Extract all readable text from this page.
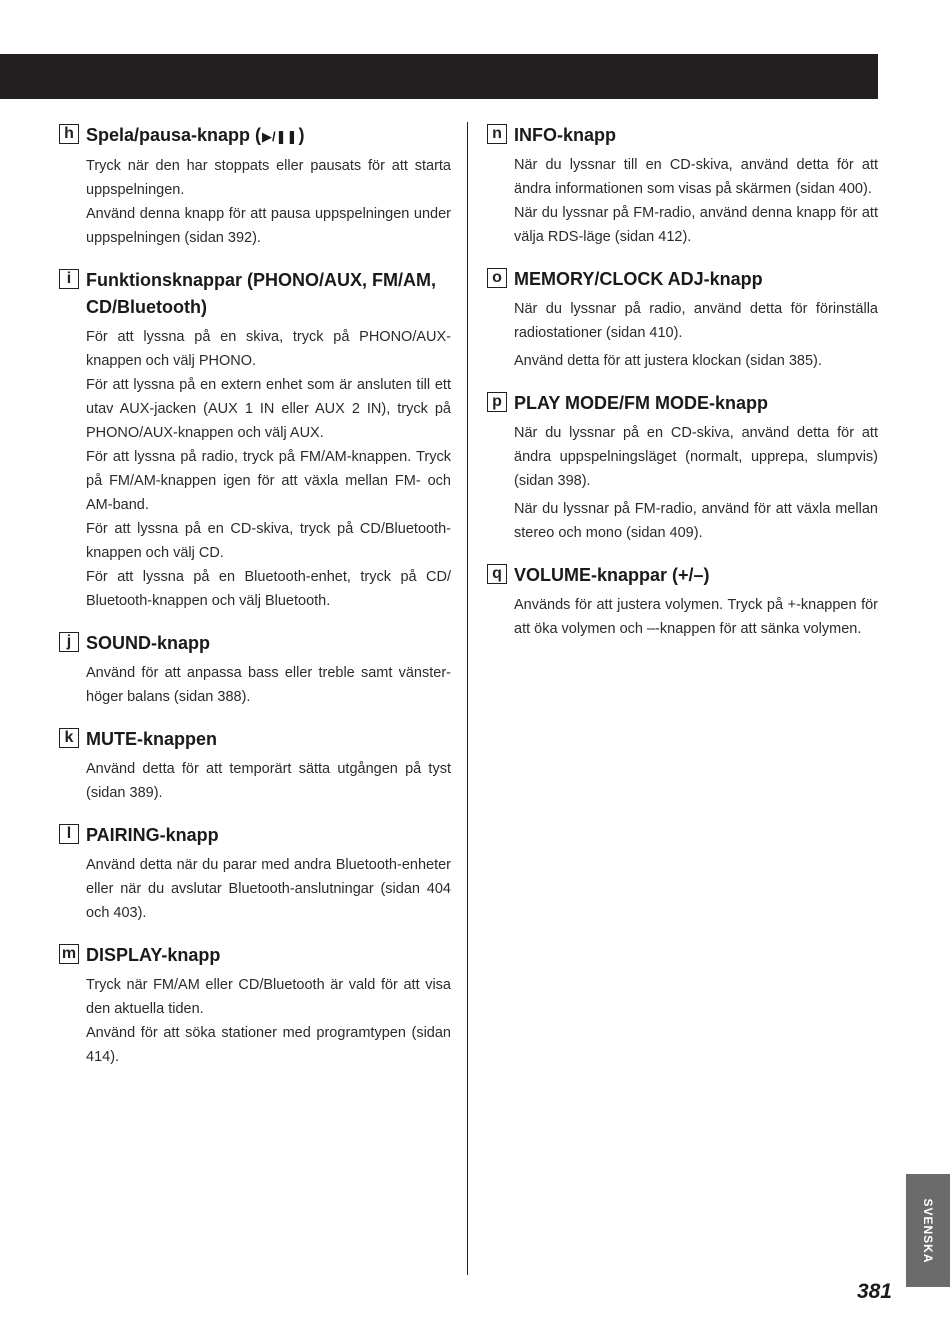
h Spela/pausa-knapp (▶/❚❚)

Tryck när den har stoppats eller pausats för att starta uppspelningen.

Använd denna knapp för att pausa uppspelningen under uppspelningen (sidan 392).

i Funktionsknappar (PHONO/AUX, FM/AM, CD/Bluetooth)

För att lyssna på en skiva, tryck på PHONO/AUX-knappen och välj PHONO.

För att lyssna på en extern enhet som är ansluten till ett utav AUX-jacken (AUX 1 IN eller AUX 2 IN), tryck på PHONO/AUX-knappen och välj AUX.

För att lyssna på radio, tryck på FM/AM-knappen. Tryck på FM/AM-knappen igen för att växla mellan FM- och AM-band.

För att lyssna på en CD-skiva, tryck på CD/Bluetooth-knappen och välj CD.

För att lyssna på en Bluetooth-enhet, tryck på CD/ Bluetooth-knappen och välj Bluetooth.

j SOUND-knapp

Använd för att anpassa bass eller treble samt vänster-höger balans (sidan 388).

k MUTE-knappen

Använd detta för att temporärt sätta utgången på tyst (sidan 389).

l PAIRING-knapp

Använd detta när du parar med andra Bluetooth-enheter eller när du avslutar Bluetooth-anslutningar (sidan 404 och 403).

m DISPLAY-knapp

Tryck när FM/AM eller CD/Bluetooth är vald för att visa den aktuella tiden.

Använd för att söka stationer med programtypen (sidan 414).

n INFO-knapp

När du lyssnar till en CD-skiva, använd detta för att ändra informationen som visas på skärmen (sidan 400).

När du lyssnar på FM-radio, använd denna knapp för att välja RDS-läge (sidan 412).

o MEMORY/CLOCK ADJ-knapp

När du lyssnar på radio, använd detta för förinställa radiostationer (sidan 410).

Använd detta för att justera klockan (sidan 385).

p PLAY MODE/FM MODE-knapp

När du lyssnar på en CD-skiva, använd detta för att ändra uppspelningsläget (normalt, upprepa, slumpvis) (sidan 398).

När du lyssnar på FM-radio, använd för att växla mellan stereo och mono (sidan 409).

q VOLUME-knappar (+/–)

Används för att justera volymen. Tryck på +-knappen för att öka volymen och –-knappen för att sänka volymen.

SVENSKA
381
